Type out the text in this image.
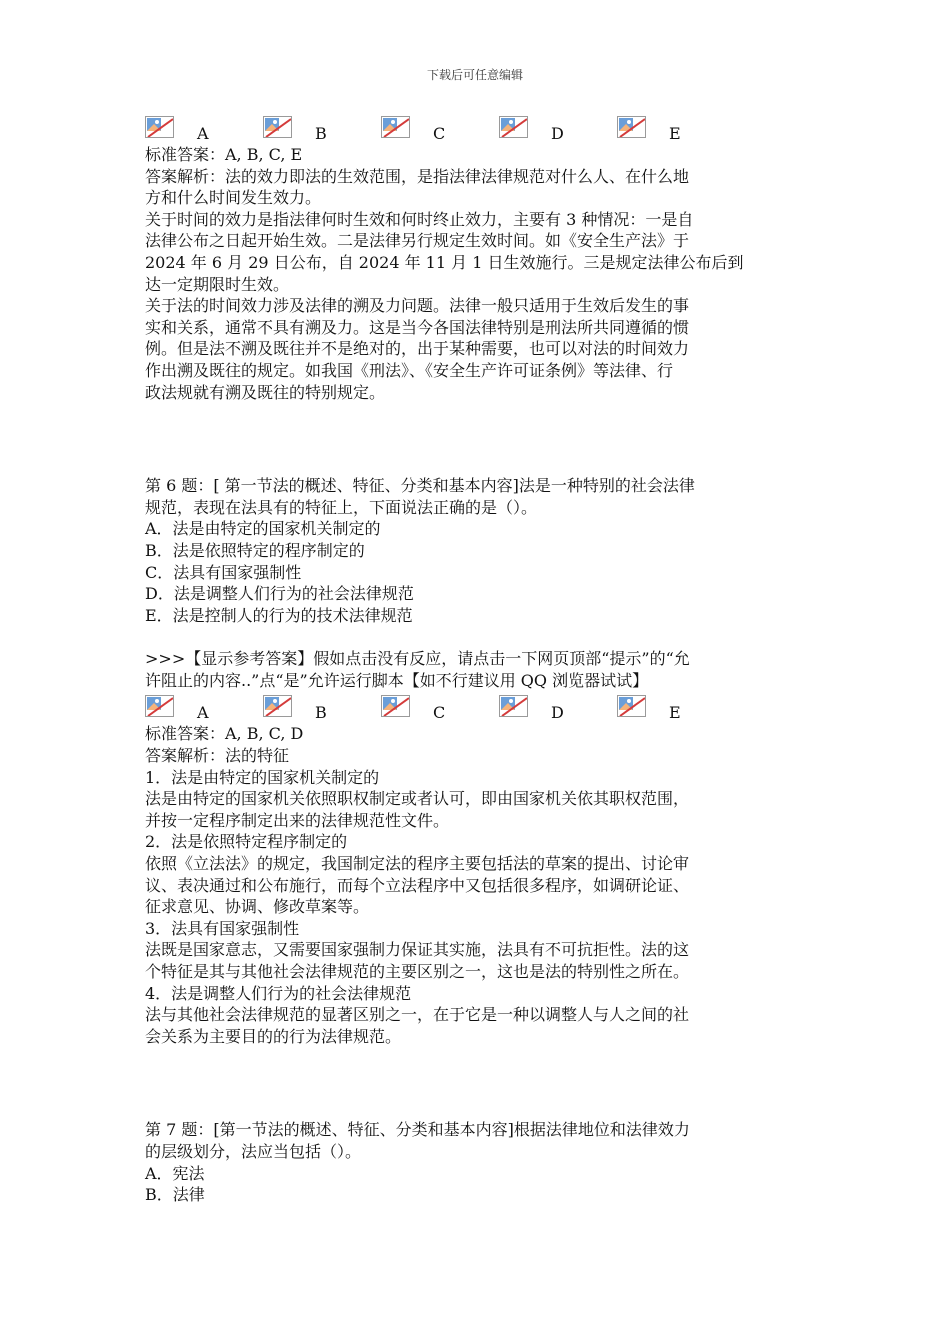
下载后可任意编辑
A	B	C	D	E

标准答案：A, B, C, E

答案解析：法的效力即法的生效范围，是指法律法律规范对什么人、在什么地

方和什么时间发生效力。

关于时间的效力是指法律何时生效和何时终止效力，主要有 3 种情况：一是自

法律公布之日起开始生效。二是法律另行规定生效时间。如《安全生产法》于

2024 年 6 月 29 日公布，自 2024 年 11 月 1 日生效施行。三是规定法律公布后到

达一定期限时生效。

关于法的时间效力涉及法律的溯及力问题。法律一般只适用于生效后发生的事

实和关系，通常不具有溯及力。这是当今各国法律特别是刑法所共同遵循的惯

例。但是法不溯及既往并不是绝对的，出于某种需要，也可以对法的时间效力

作出溯及既往的规定。如我国《刑法》、《安全生产许可证条例》等法律、行

政法规就有溯及既往的特别规定。

第 6 题：[ 第一节法的概述、特征、分类和基本内容]法是一种特别的社会法律

规范，表现在法具有的特征上，下面说法正确的是（）。

A．法是由特定的国家机关制定的

B．法是依照特定的程序制定的

C．法具有国家强制性

D．法是调整人们行为的社会法律规范

E．法是控制人的行为的技术法律规范

>>>【显示参考答案】假如点击没有反应，请点击一下网页顶部“提示”的“允

许阻止的内容..”点“是”允许运行脚本【如不行建议用 QQ 浏览器试试】

A	B	C	D	E

标准答案：A, B, C, D

答案解析：法的特征

1．法是由特定的国家机关制定的

法是由特定的国家机关依照职权制定或者认可，即由国家机关依其职权范围，

并按一定程序制定出来的法律规范性文件。

2．法是依照特定程序制定的

依照《立法法》的规定，我国制定法的程序主要包括法的草案的提出、讨论审

议、表决通过和公布施行，而每个立法程序中又包括很多程序，如调研论证、

征求意见、协调、修改草案等。

3．法具有国家强制性

法既是国家意志，又需要国家强制力保证其实施，法具有不可抗拒性。法的这

个特征是其与其他社会法律规范的主要区别之一，这也是法的特别性之所在。

4．法是调整人们行为的社会法律规范

法与其他社会法律规范的显著区别之一，在于它是一种以调整人与人之间的社

会关系为主要目的的行为法律规范。

第 7 题：[第一节法的概述、特征、分类和基本内容]根据法律地位和法律效力

的层级划分，法应当包括（）。

A．宪法

B．法律
